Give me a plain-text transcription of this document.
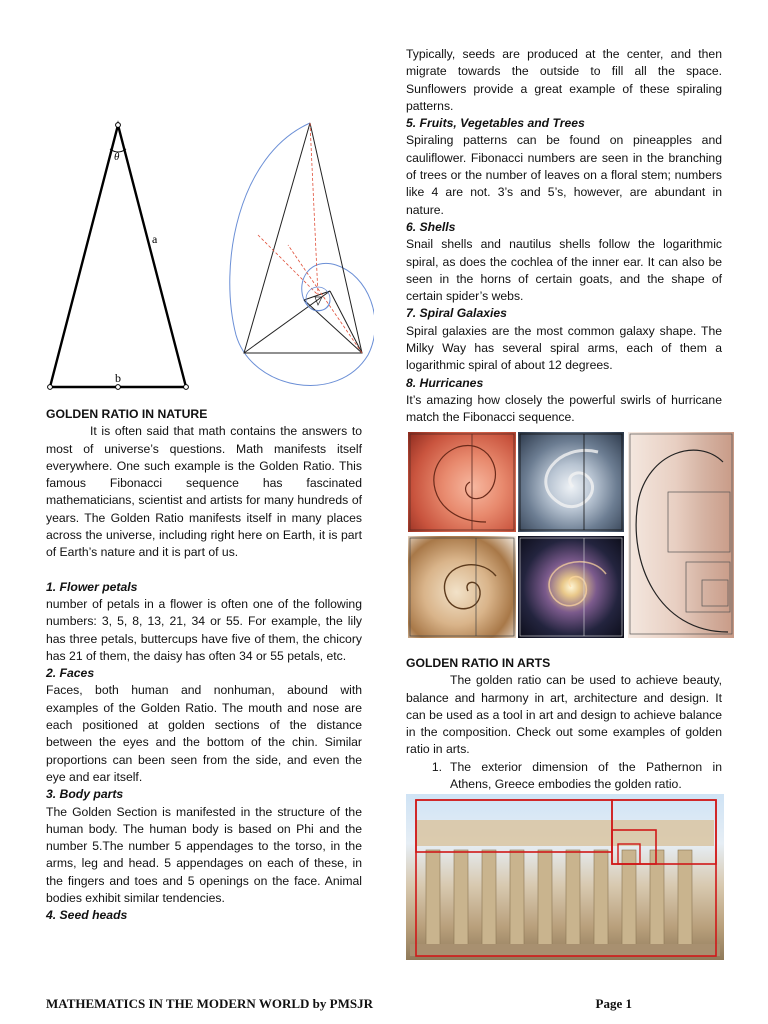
θ
a
b

GOLDEN RATIO IN NATURE

It is often said that math contains the answers to most of universe’s questions. Math manifests itself everywhere. One such example is the Golden Ratio. This famous Fibonacci sequence has fascinated mathematicians, scientist and artists for many hundreds of years. The Golden Ratio manifests itself in many places across the universe, including right here on Earth, it is part of Earth’s nature and it is part of us.

1. Flower petals

number of petals in a flower is often one of the following numbers: 3, 5, 8, 13, 21, 34 or 55. For example, the lily has three petals, buttercups have five of them, the chicory has 21 of them, the daisy has often 34 or 55 petals, etc.

2. Faces

Faces, both human and nonhuman, abound with examples of the Golden Ratio. The mouth and nose are each positioned at golden sections of the distance between the eyes and the bottom of the chin. Similar proportions can been seen from the side, and even the eye and ear itself.

3. Body parts

The Golden Section is manifested in the structure of the human body. The human body is based on Phi and the number 5.The number 5 appendages to the torso, in the arms, leg and head. 5 appendages on each of these, in the fingers and toes and 5 openings on the face. Animal bodies exhibit similar tendencies.

4. Seed heads

Typically, seeds are produced at the center, and then migrate towards the outside to fill all the space. Sunflowers provide a great example of these spiraling patterns.

5. Fruits, Vegetables and Trees

Spiraling patterns can be found on pineapples and cauliflower. Fibonacci numbers are seen in the branching of trees or the number of leaves on a floral stem; numbers like 4 are not. 3’s and 5’s, however, are abundant in nature.

6. Shells

Snail shells and nautilus shells follow the logarithmic spiral, as does the cochlea of the inner ear. It can also be seen in the horns of certain goats, and the shape of certain spider’s webs.

7. Spiral Galaxies

Spiral galaxies are the most common galaxy shape. The Milky Way has several spiral arms, each of them a logarithmic spiral of about 12 degrees.

8. Hurricanes

It’s amazing how closely the powerful swirls of hurricane match the Fibonacci sequence.

GOLDEN RATIO IN ARTS

The golden ratio can be used to achieve beauty, balance and harmony in art, architecture and design. It can be used as a tool in art and design to achieve balance in the composition. Check out some examples of golden ratio in arts.

1. The exterior dimension of the Pathernon in Athens, Greece embodies the golden ratio.
MATHEMATICS IN THE MODERN WORLD by PMSJR	Page 1
